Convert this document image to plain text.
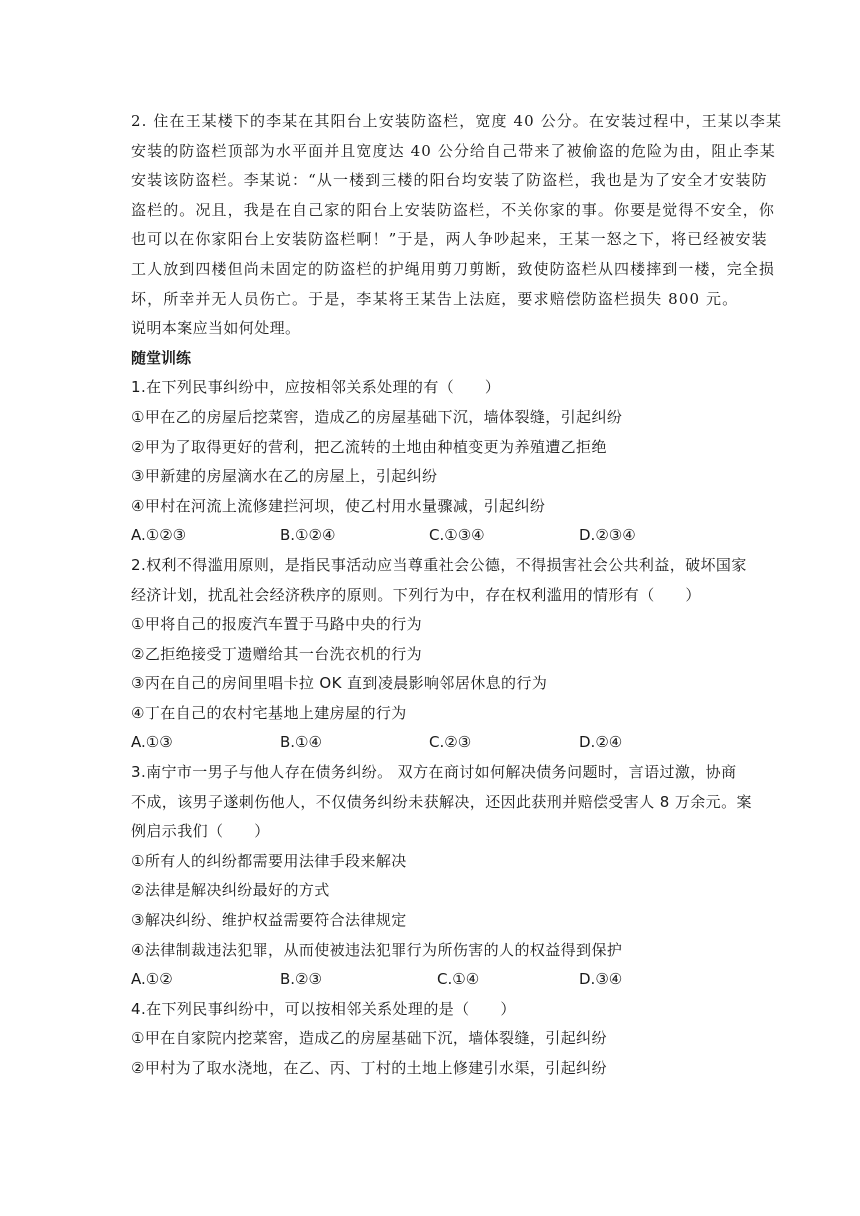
2. 住在王某楼下的李某在其阳台上安装防盗栏，宽度 40 公分。在安装过程中，王某以李某
安装的防盗栏顶部为水平面并且宽度达 40 公分给自己带来了被偷盗的危险为由，阻止李某
安装该防盗栏。李某说：“从一楼到三楼的阳台均安装了防盗栏，我也是为了安全才安装防
盗栏的。况且，我是在自己家的阳台上安装防盗栏，不关你家的事。你要是觉得不安全，你
也可以在你家阳台上安装防盗栏啊！”于是，两人争吵起来，王某一怒之下，将已经被安装
工人放到四楼但尚未固定的防盗栏的护绳用剪刀剪断，致使防盗栏从四楼摔到一楼，完全损
坏，所幸并无人员伤亡。于是，李某将王某告上法庭，要求赔偿防盗栏损失 800 元。
说明本案应当如何处理。
随堂训练
1.在下列民事纠纷中，应按相邻关系处理的有（　　）
①甲在乙的房屋后挖菜窖，造成乙的房屋基础下沉，墙体裂缝，引起纠纷
②甲为了取得更好的营利，把乙流转的土地由种植变更为养殖遭乙拒绝
③甲新建的房屋滴水在乙的房屋上，引起纠纷
④甲村在河流上流修建拦河坝，使乙村用水量骤减，引起纠纷
A.①②③	B.①②④	C.①③④	D.②③④
2.权利不得滥用原则，是指民事活动应当尊重社会公德，不得损害社会公共利益，破坏国家
经济计划，扰乱社会经济秩序的原则。下列行为中，存在权利滥用的情形有（　　）
①甲将自己的报废汽车置于马路中央的行为
②乙拒绝接受丁遗赠给其一台洗衣机的行为
③丙在自己的房间里唱卡拉 OK 直到凌晨影响邻居休息的行为
④丁在自己的农村宅基地上建房屋的行为
A.①③	B.①④	C.②③	D.②④
3.南宁市一男子与他人存在债务纠纷。 双方在商讨如何解决债务问题时，言语过激，协商
不成，该男子遂刺伤他人，不仅债务纠纷未获解决，还因此获刑并赔偿受害人 8 万余元。案
例启示我们（　　）
①所有人的纠纷都需要用法律手段来解决
②法律是解决纠纷最好的方式
③解决纠纷、维护权益需要符合法律规定
④法律制裁违法犯罪，从而使被违法犯罪行为所伤害的人的权益得到保护
A.①②	B.②③	C.①④	D.③④
4.在下列民事纠纷中，可以按相邻关系处理的是（　　）
①甲在自家院内挖菜窖，造成乙的房屋基础下沉，墙体裂缝，引起纠纷
②甲村为了取水浇地，在乙、丙、丁村的土地上修建引水渠，引起纠纷
